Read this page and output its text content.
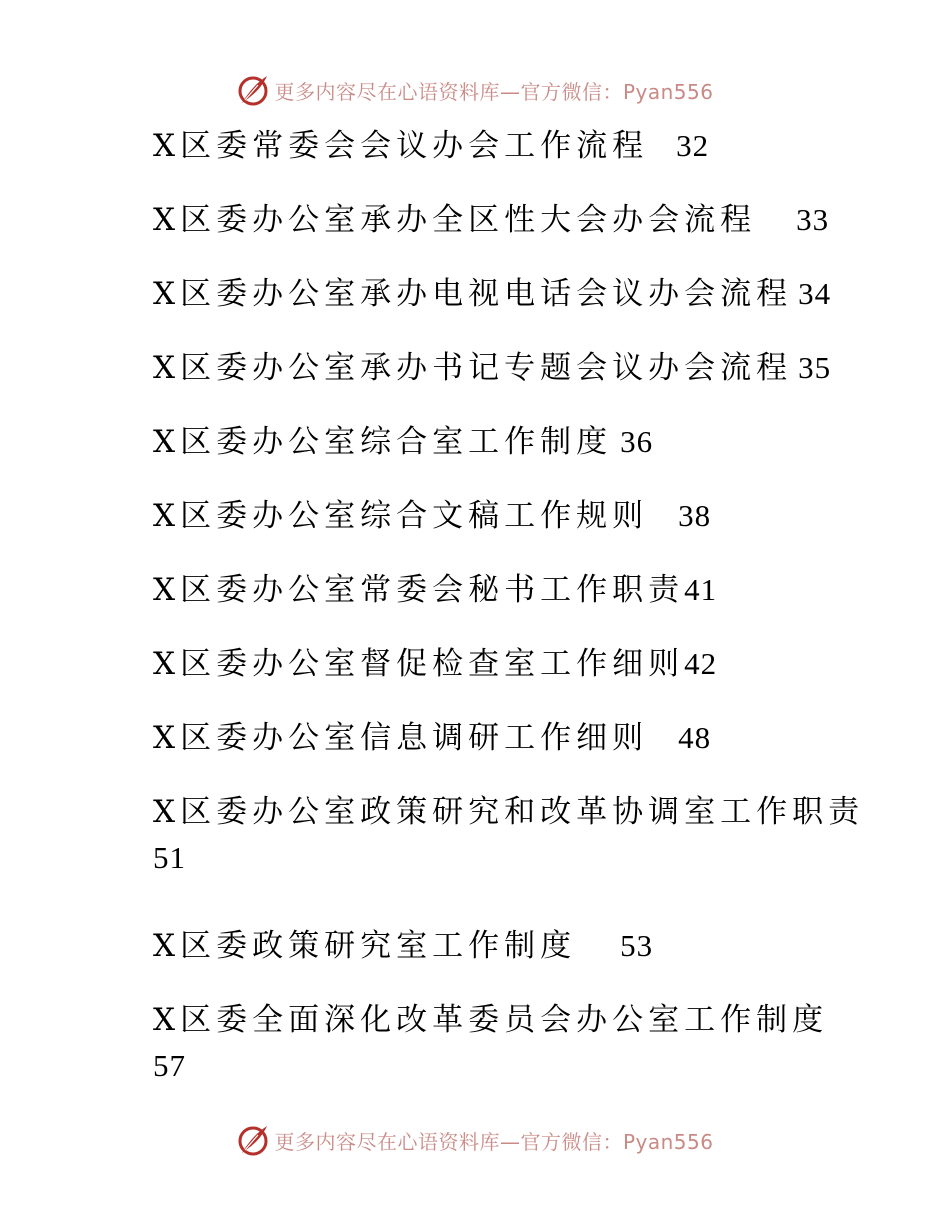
更多内容尽在心语资料库—官方微信：Pyan556
X区委常委会会议办会工作流程 32
X区委办公室承办全区性大会办会流程 33
X区委办公室承办电视电话会议办会流程 34
X区委办公室承办书记专题会议办会流程 35
X区委办公室综合室工作制度 36
X区委办公室综合文稿工作规则 38
X区委办公室常委会秘书工作职责41
X区委办公室督促检查室工作细则42
X区委办公室信息调研工作细则 48
X区委办公室政策研究和改革协调室工作职责
51
X区委政策研究室工作制度 53
X区委全面深化改革委员会办公室工作制度
57
更多内容尽在心语资料库—官方微信：Pyan556
